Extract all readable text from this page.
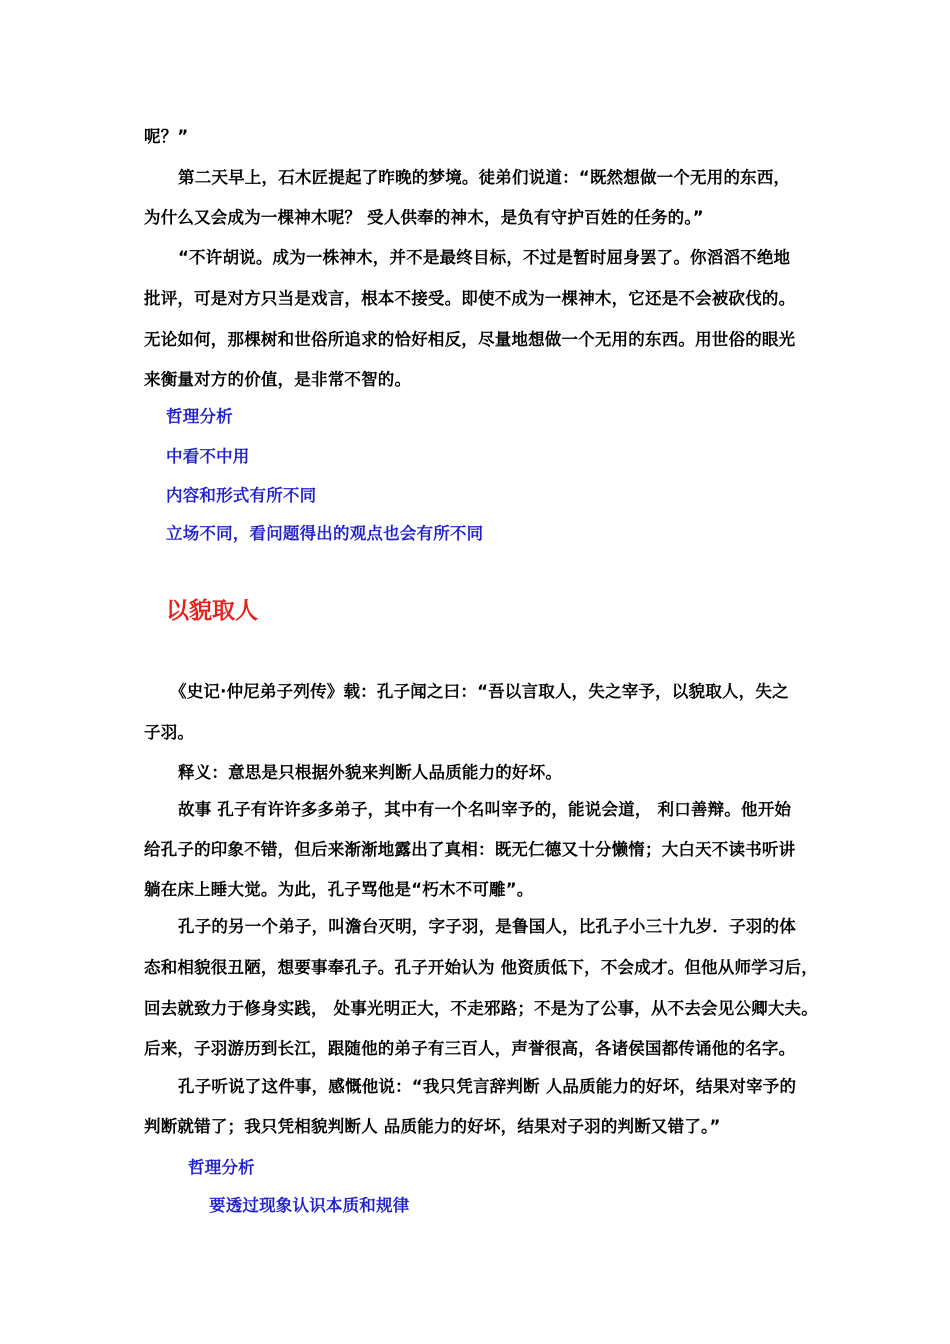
呢？”
第二天早上，石木匠提起了昨晚的梦境。徒弟们说道：“既然想做一个无用的东西，
为什么又会成为一棵神木呢？ 受人供奉的神木，是负有守护百姓的任务的。”
“不许胡说。成为一株神木，并不是最终目标，不过是暂时屈身罢了。你滔滔不绝地
批评，可是对方只当是戏言，根本不接受。即使不成为一棵神木，它还是不会被砍伐的。
无论如何，那棵树和世俗所追求的恰好相反，尽量地想做一个无用的东西。用世俗的眼光
来衡量对方的价值，是非常不智的。
哲理分析
中看不中用
内容和形式有所不同
立场不同，看问题得出的观点也会有所不同
以貌取人
《史记·仲尼弟子列传》载：孔子闻之曰：“吾以言取人，失之宰予，以貌取人，失之
子羽。
释义：意思是只根据外貌来判断人品质能力的好坏。
故事 孔子有许许多多弟子，其中有一个名叫宰予的，能说会道， 利口善辩。他开始
给孔子的印象不错，但后来渐渐地露出了真相：既无仁德又十分懒惰；大白天不读书听讲
躺在床上睡大觉。为此，孔子骂他是“朽木不可雕”。
孔子的另一个弟子，叫澹台灭明，字子羽，是鲁国人，比孔子小三十九岁．子羽的体
态和相貌很丑陋，想要事奉孔子。孔子开始认为 他资质低下，不会成才。但他从师学习后，
回去就致力于修身实践， 处事光明正大，不走邪路；不是为了公事，从不去会见公卿大夫。
后来，子羽游历到长江，跟随他的弟子有三百人，声誉很高，各诸侯国都传诵他的名字。
孔子听说了这件事，感慨他说：“我只凭言辞判断 人品质能力的好坏，结果对宰予的
判断就错了；我只凭相貌判断人 品质能力的好坏，结果对子羽的判断又错了。”
哲理分析
要透过现象认识本质和规律
